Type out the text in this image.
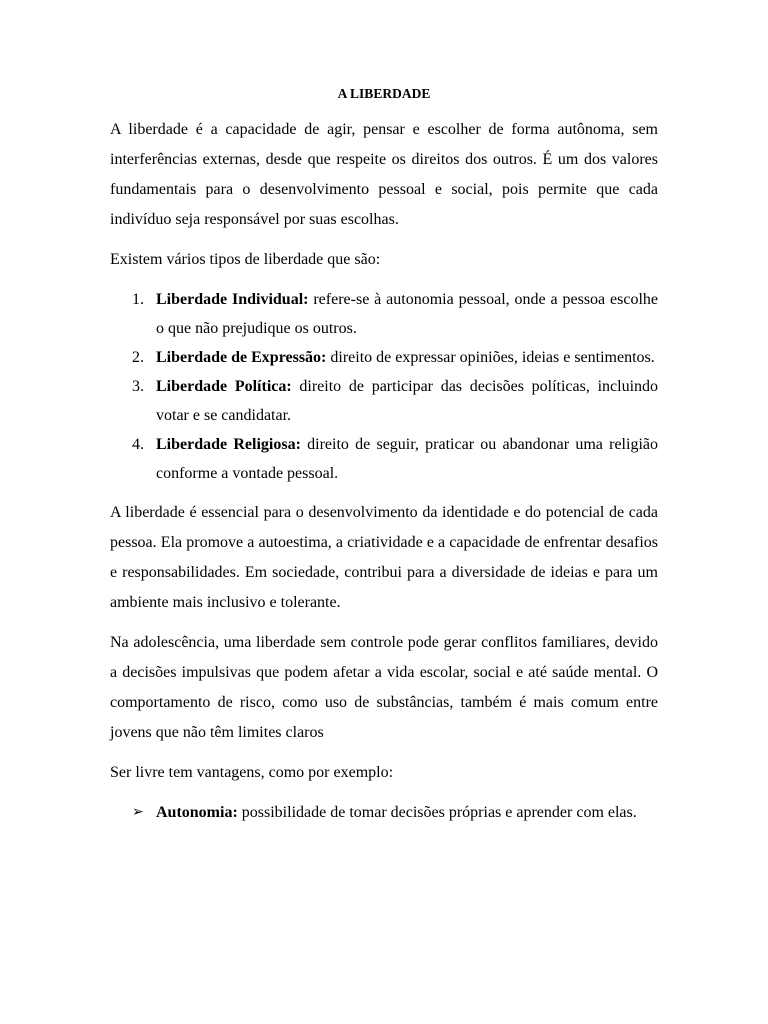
A LIBERDADE

A liberdade é a capacidade de agir, pensar e escolher de forma autônoma, sem interferências externas, desde que respeite os direitos dos outros. É um dos valores fundamentais para o desenvolvimento pessoal e social, pois permite que cada indivíduo seja responsável por suas escolhas.

Existem vários tipos de liberdade que são:

1. Liberdade Individual: refere-se à autonomia pessoal, onde a pessoa escolhe o que não prejudique os outros.
2. Liberdade de Expressão: direito de expressar opiniões, ideias e sentimentos.
3. Liberdade Política: direito de participar das decisões políticas, incluindo votar e se candidatar.
4. Liberdade Religiosa: direito de seguir, praticar ou abandonar uma religião conforme a vontade pessoal.

A liberdade é essencial para o desenvolvimento da identidade e do potencial de cada pessoa. Ela promove a autoestima, a criatividade e a capacidade de enfrentar desafios e responsabilidades. Em sociedade, contribui para a diversidade de ideias e para um ambiente mais inclusivo e tolerante.

Na adolescência, uma liberdade sem controle pode gerar conflitos familiares, devido a decisões impulsivas que podem afetar a vida escolar, social e até saúde mental. O comportamento de risco, como uso de substâncias, também é mais comum entre jovens que não têm limites claros

Ser livre tem vantagens, como por exemplo:

➢ Autonomia: possibilidade de tomar decisões próprias e aprender com elas.
